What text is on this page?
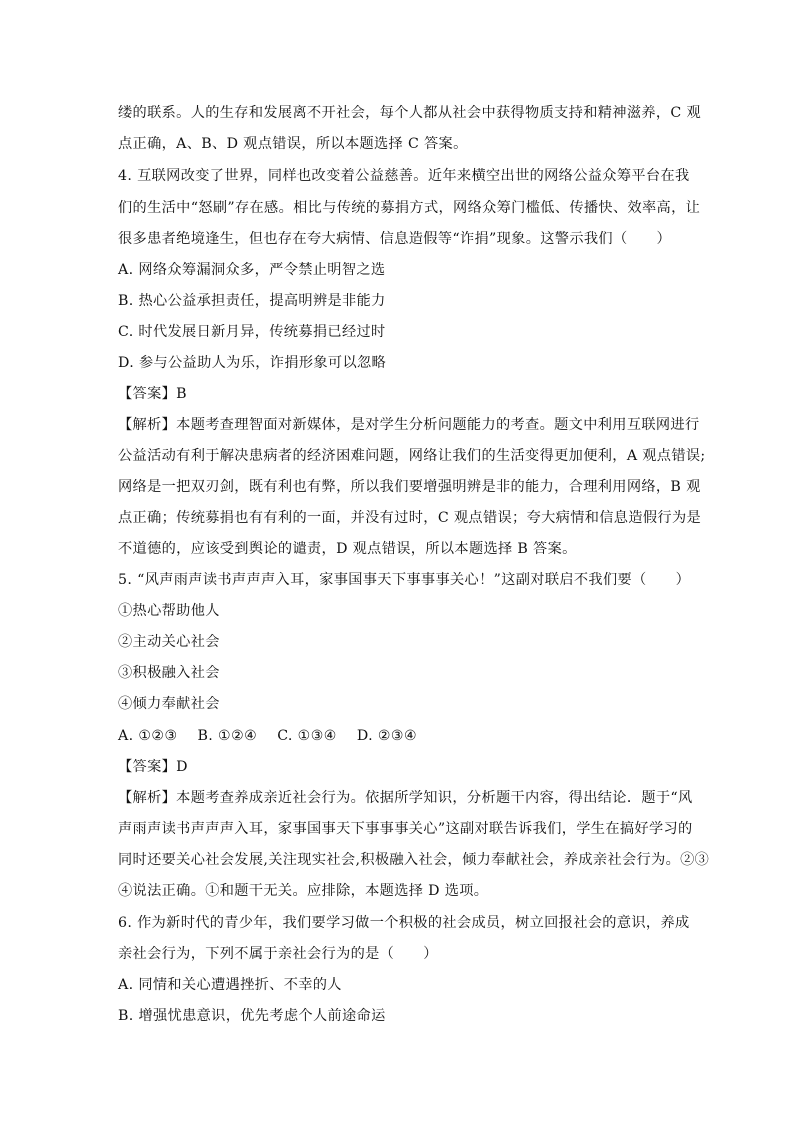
缕的联系。人的生存和发展离不开社会，每个人都从社会中获得物质支持和精神滋养，C 观
点正确，A、B、D 观点错误，所以本题选择 C 答案。
4. 互联网改变了世界，同样也改变着公益慈善。近年来横空出世的网络公益众筹平台在我
们的生活中“怒刷”存在感。相比与传统的募捐方式，网络众筹门槛低、传播快、效率高，让
很多患者绝境逢生，但也存在夸大病情、信息造假等“诈捐”现象。这警示我们（　　）
A. 网络众筹漏洞众多，严令禁止明智之选
B. 热心公益承担责任，提高明辨是非能力
C. 时代发展日新月异，传统募捐已经过时
D. 参与公益助人为乐，诈捐形象可以忽略
【答案】B
【解析】本题考查理智面对新媒体，是对学生分析问题能力的考查。题文中利用互联网进行
公益活动有利于解决患病者的经济困难问题，网络让我们的生活变得更加便利，A 观点错误;
网络是一把双刃剑，既有利也有弊，所以我们要增强明辨是非的能力，合理利用网络，B 观
点正确；传统募捐也有有利的一面，并没有过时，C 观点错误；夸大病情和信息造假行为是
不道德的，应该受到舆论的谴责，D 观点错误，所以本题选择 B 答案。
5. “风声雨声读书声声声入耳，家事国事天下事事事关心！”这副对联启不我们要（　　）
①热心帮助他人
②主动关心社会
③积极融入社会
④倾力奉献社会
A. ①②③ B. ①②④ C. ①③④ D. ②③④
【答案】D
【解析】本题考查养成亲近社会行为。依据所学知识，分析题干内容，得出结论．题于“风
声雨声读书声声声入耳，家事国事天下事事事关心”这副对联告诉我们，学生在搞好学习的
同时还要关心社会发展,关注现实社会,积极融入社会，倾力奉献社会，养成亲社会行为。②③
④说法正确。①和题干无关。应排除，本题选择 D 选项。
6. 作为新时代的青少年，我们要学习做一个积极的社会成员，树立回报社会的意识，养成
亲社会行为，下列不属于亲社会行为的是（　　）
A. 同情和关心遭遇挫折、不幸的人
B. 增强忧患意识，优先考虑个人前途命运
